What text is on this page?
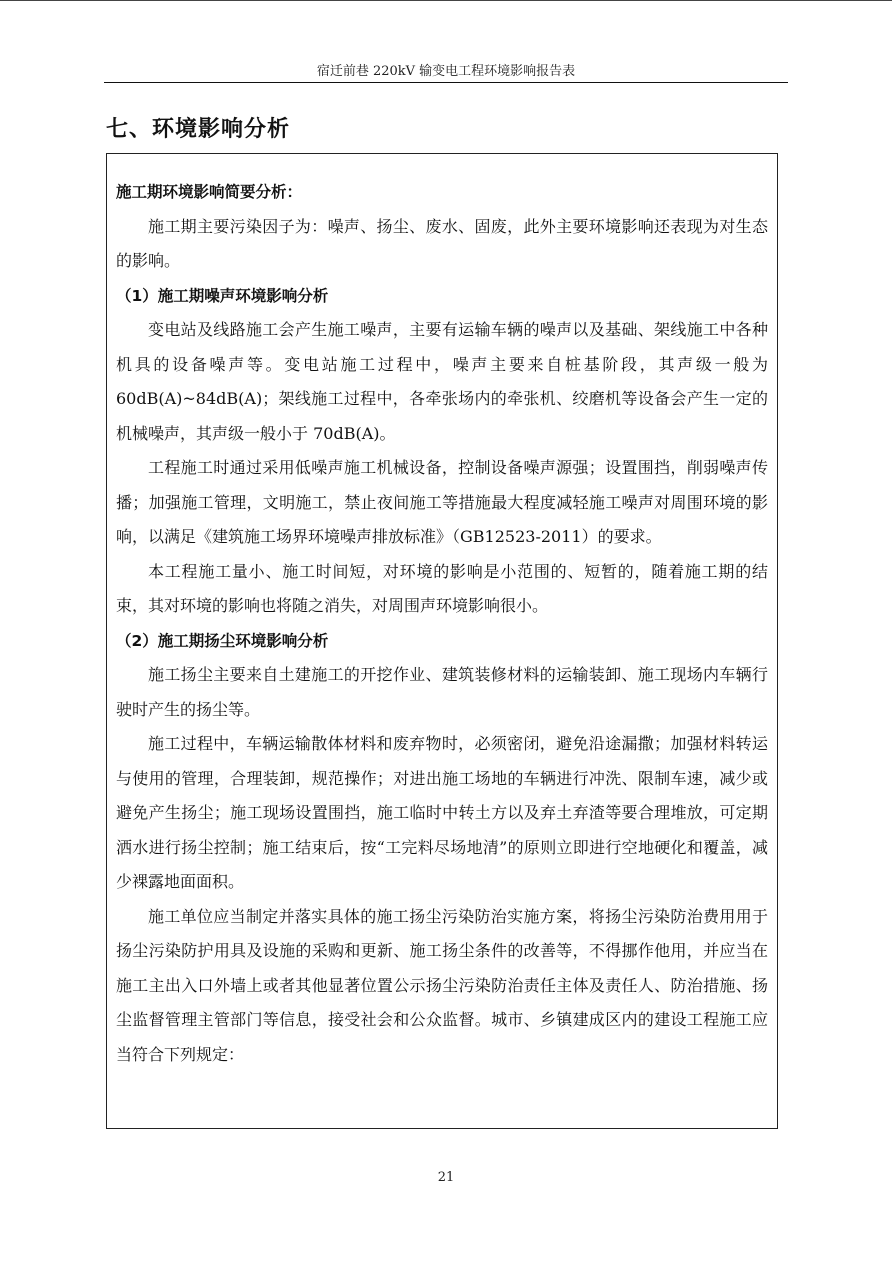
宿迁前巷 220kV 输变电工程环境影响报告表
七、环境影响分析

施工期环境影响简要分析：

施工期主要污染因子为：噪声、扬尘、废水、固废，此外主要环境影响还表现为对生态的影响。

（1）施工期噪声环境影响分析

变电站及线路施工会产生施工噪声，主要有运输车辆的噪声以及基础、架线施工中各种机具的设备噪声等。变电站施工过程中，噪声主要来自桩基阶段，其声级一般为 60dB(A)~84dB(A)；架线施工过程中，各牵张场内的牵张机、绞磨机等设备会产生一定的机械噪声，其声级一般小于 70dB(A)。

工程施工时通过采用低噪声施工机械设备，控制设备噪声源强；设置围挡，削弱噪声传播；加强施工管理，文明施工，禁止夜间施工等措施最大程度减轻施工噪声对周围环境的影响，以满足《建筑施工场界环境噪声排放标准》（GB12523-2011）的要求。

本工程施工量小、施工时间短，对环境的影响是小范围的、短暂的，随着施工期的结束，其对环境的影响也将随之消失，对周围声环境影响很小。

（2）施工期扬尘环境影响分析

施工扬尘主要来自土建施工的开挖作业、建筑装修材料的运输装卸、施工现场内车辆行驶时产生的扬尘等。

施工过程中，车辆运输散体材料和废弃物时，必须密闭，避免沿途漏撒；加强材料转运与使用的管理，合理装卸，规范操作；对进出施工场地的车辆进行冲洗、限制车速，减少或避免产生扬尘；施工现场设置围挡，施工临时中转土方以及弃土弃渣等要合理堆放，可定期洒水进行扬尘控制；施工结束后，按“工完料尽场地清”的原则立即进行空地硬化和覆盖，减少裸露地面面积。

施工单位应当制定并落实具体的施工扬尘污染防治实施方案，将扬尘污染防治费用用于扬尘污染防护用具及设施的采购和更新、施工扬尘条件的改善等，不得挪作他用，并应当在施工主出入口外墙上或者其他显著位置公示扬尘污染防治责任主体及责任人、防治措施、扬尘监督管理主管部门等信息，接受社会和公众监督。城市、乡镇建成区内的建设工程施工应当符合下列规定：

21
